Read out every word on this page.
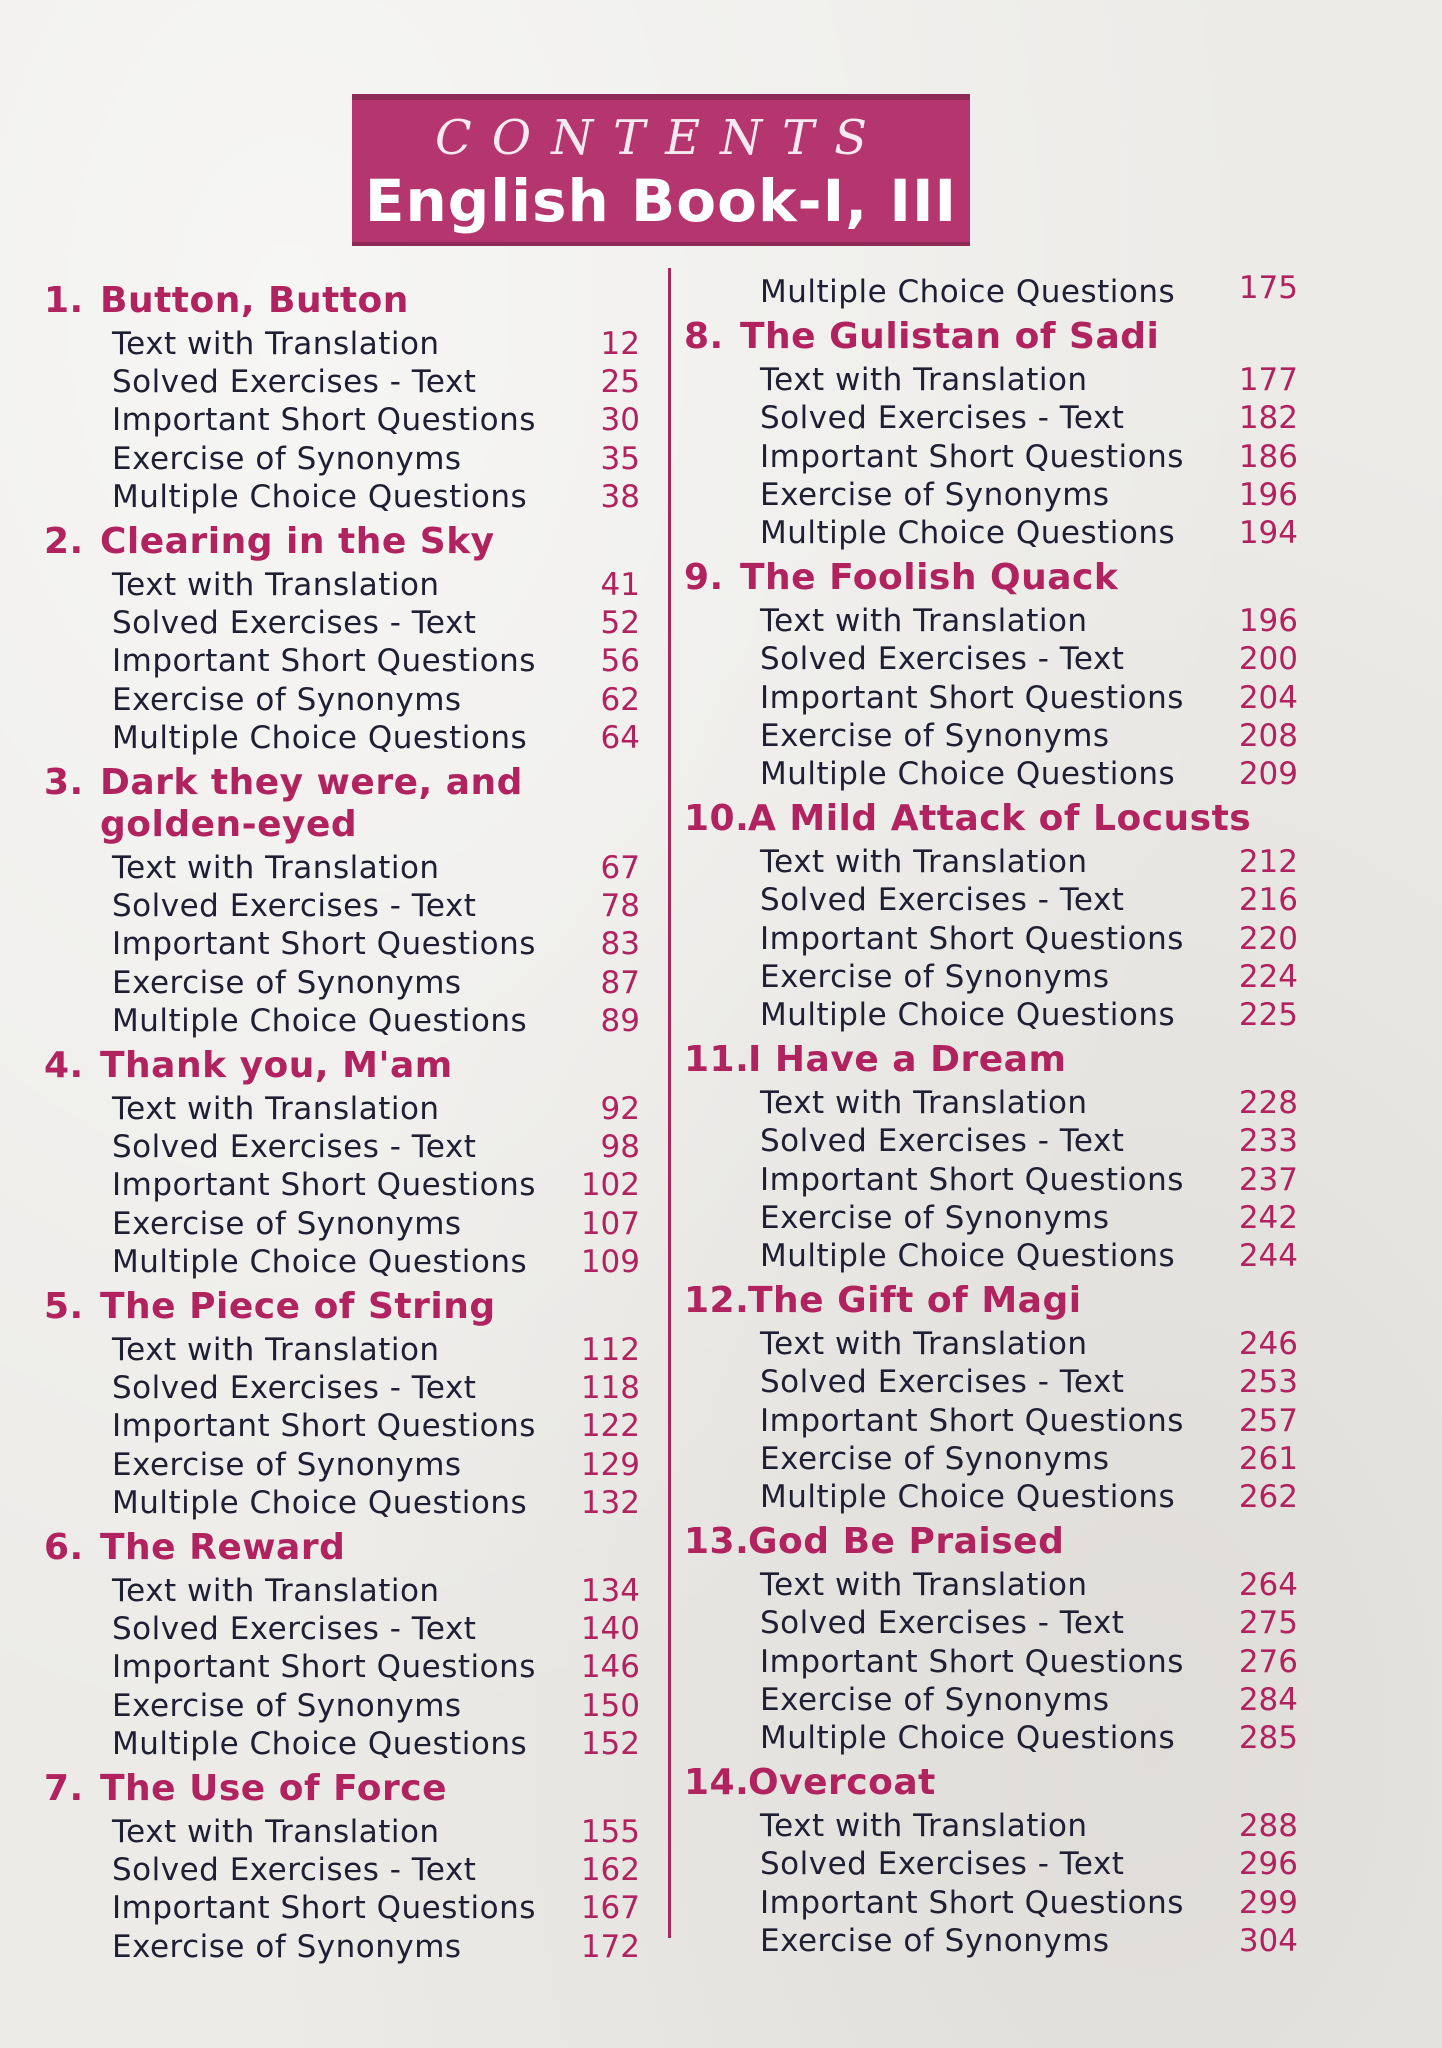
CONTENTS
English Book-I, III
1. Button, Button
Text with Translation	12
Solved Exercises - Text	25
Important Short Questions	30
Exercise of Synonyms	35
Multiple Choice Questions	38
2. Clearing in the Sky
Text with Translation	41
Solved Exercises - Text	52
Important Short Questions	56
Exercise of Synonyms	62
Multiple Choice Questions	64
3. Dark they were, and
golden-eyed
Text with Translation	67
Solved Exercises - Text	78
Important Short Questions	83
Exercise of Synonyms	87
Multiple Choice Questions	89
4. Thank you, M'am
Text with Translation	92
Solved Exercises - Text	98
Important Short Questions	102
Exercise of Synonyms	107
Multiple Choice Questions	109
5. The Piece of String
Text with Translation	112
Solved Exercises - Text	118
Important Short Questions	122
Exercise of Synonyms	129
Multiple Choice Questions	132
6. The Reward
Text with Translation	134
Solved Exercises - Text	140
Important Short Questions	146
Exercise of Synonyms	150
Multiple Choice Questions	152
7. The Use of Force
Text with Translation	155
Solved Exercises - Text	162
Important Short Questions	167
Exercise of Synonyms	172
Multiple Choice Questions	175
8. The Gulistan of Sadi
Text with Translation	177
Solved Exercises - Text	182
Important Short Questions	186
Exercise of Synonyms	196
Multiple Choice Questions	194
9. The Foolish Quack
Text with Translation	196
Solved Exercises - Text	200
Important Short Questions	204
Exercise of Synonyms	208
Multiple Choice Questions	209
10.
A Mild Attack of Locusts
Text with Translation	212
Solved Exercises - Text	216
Important Short Questions	220
Exercise of Synonyms	224
Multiple Choice Questions	225
11.
I Have a Dream
Text with Translation	228
Solved Exercises - Text	233
Important Short Questions	237
Exercise of Synonyms	242
Multiple Choice Questions	244
12.
The Gift of Magi
Text with Translation	246
Solved Exercises - Text	253
Important Short Questions	257
Exercise of Synonyms	261
Multiple Choice Questions	262
13.
God Be Praised
Text with Translation	264
Solved Exercises - Text	275
Important Short Questions	276
Exercise of Synonyms	284
Multiple Choice Questions	285
14.
Overcoat
Text with Translation	288
Solved Exercises - Text	296
Important Short Questions	299
Exercise of Synonyms	304
